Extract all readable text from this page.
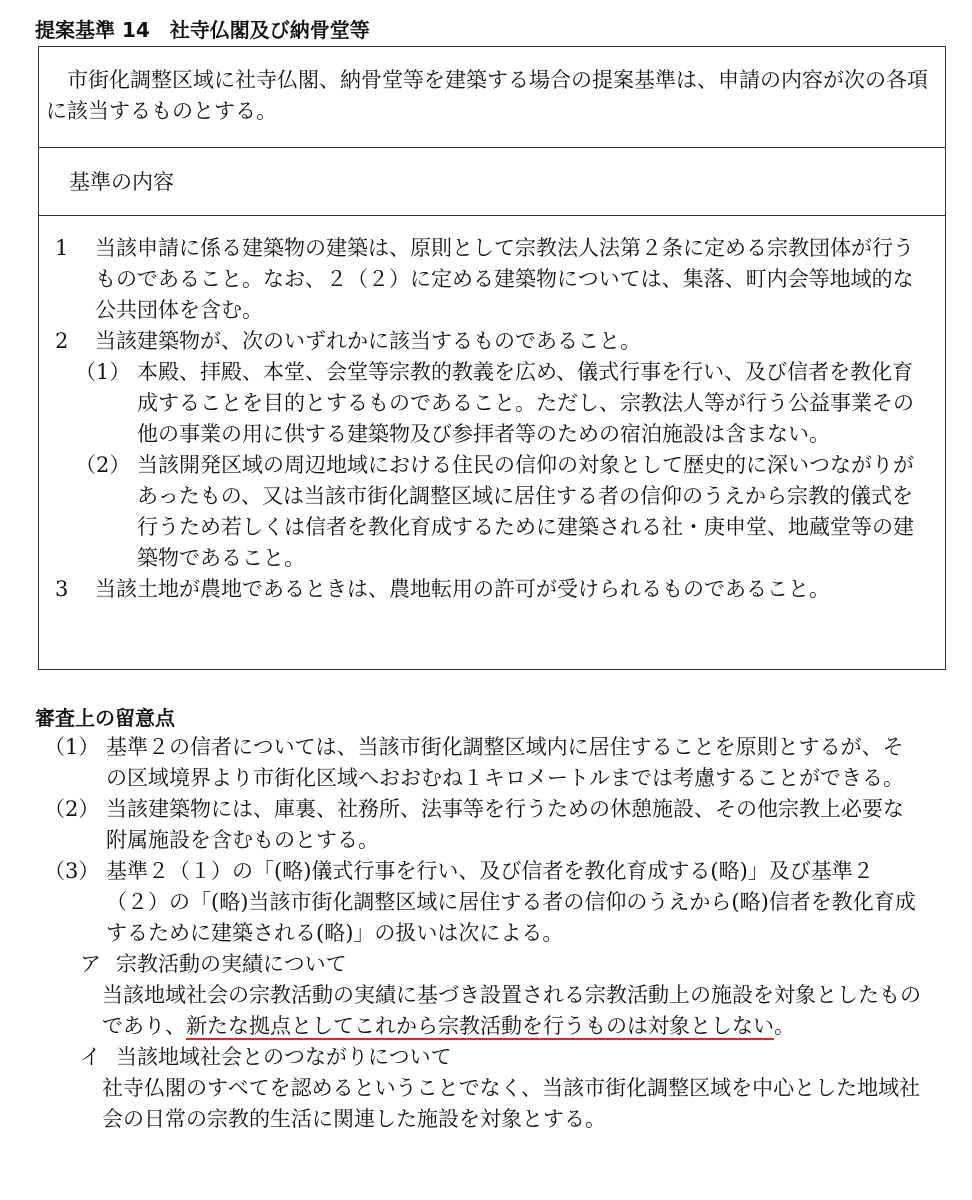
提案基準 14　社寺仏閣及び納骨堂等

市街化調整区域に社寺仏閣、納骨堂等を建築する場合の提案基準は、申請の内容が次の各項に該当するものとする。

基準の内容

1	当該申請に係る建築物の建築は、原則として宗教法人法第２条に定める宗教団体が行うものであること。なお、２（２）に定める建築物については、集落、町内会等地域的な公共団体を含む。
2	当該建築物が、次のいずれかに該当するものであること。
（1） 本殿、拝殿、本堂、会堂等宗教的教義を広め、儀式行事を行い、及び信者を教化育成することを目的とするものであること。ただし、宗教法人等が行う公益事業その他の事業の用に供する建築物及び参拝者等のための宿泊施設は含まない。
（2） 当該開発区域の周辺地域における住民の信仰の対象として歴史的に深いつながりがあったもの、又は当該市街化調整区域に居住する者の信仰のうえから宗教的儀式を行うため若しくは信者を教化育成するために建築される社・庚申堂、地蔵堂等の建築物であること。
3	当該土地が農地であるときは、農地転用の許可が受けられるものであること。
審査上の留意点
（1） 基準２の信者については、当該市街化調整区域内に居住することを原則とするが、その区域境界より市街化区域へおおむね１キロメートルまでは考慮することができる。
（2） 当該建築物には、庫裏、社務所、法事等を行うための休憩施設、その他宗教上必要な附属施設を含むものとする。
（3） 基準２（１）の「(略)儀式行事を行い、及び信者を教化育成する(略)」及び基準２（２）の「(略)当該市街化調整区域に居住する者の信仰のうえから(略)信者を教化育成するために建築される(略)」の扱いは次による。
ア 宗教活動の実績について
当該地域社会の宗教活動の実績に基づき設置される宗教活動上の施設を対象としたものであり、新たな拠点としてこれから宗教活動を行うものは対象としない。
イ 当該地域社会とのつながりについて
社寺仏閣のすべてを認めるということでなく、当該市街化調整区域を中心とした地域社会の日常の宗教的生活に関連した施設を対象とする。
